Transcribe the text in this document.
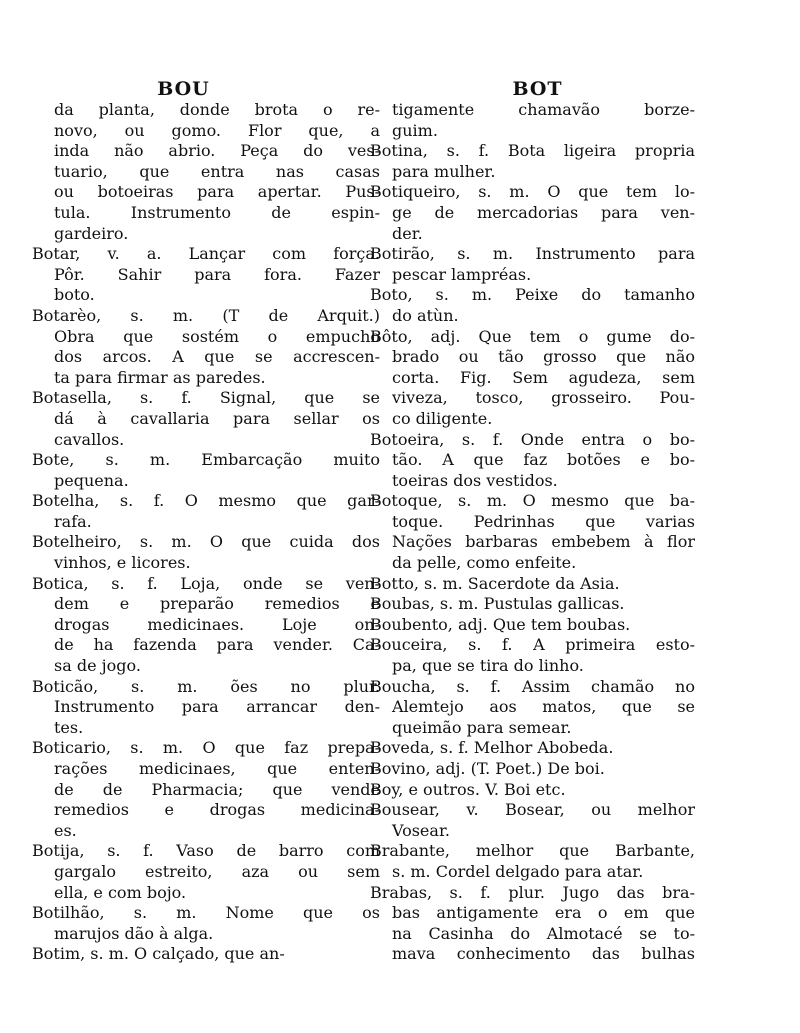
BOU
da planta, donde brota o re-
novo, ou gomo. Flor que, a
inda não abrio. Peça do ves-
tuario, que entra nas casas
ou botoeiras para apertar. Pus-
tula. Instrumento de espin-
gardeiro.
Botar, v. a. Lançar com força.
Pôr. Sahir para fora. Fazer
boto.
Botarèo, s. m. (T de Arquit.)
Obra que sostém o empucho
dos arcos. A que se accrescen-
ta para firmar as paredes.
Botasella, s. f. Signal, que se
dá à cavallaria para sellar os
cavallos.
Bote, s. m. Embarcação muito
pequena.
Botelha, s. f. O mesmo que gar-
rafa.
Botelheiro, s. m. O que cuida dos
vinhos, e licores.
Botica, s. f. Loja, onde se ven-
dem e preparão remedios e
drogas medicinaes. Loje on-
de ha fazenda para vender. Ca-
sa de jogo.
Boticão, s. m. ões no plur.
Instrumento para arrancar den-
tes.
Boticario, s. m. O que faz prepa-
rações medicinaes, que enten-
de de Pharmacia; que vende
remedios e drogas medicina-
es.
Botija, s. f. Vaso de barro com
gargalo estreito, aza ou sem
ella, e com bojo.
Botilhão, s. m. Nome que os
marujos dão à alga.
Botim, s. m. O calçado, que an-
BOT
tigamente chamavão borze-
guim.
Botina, s. f. Bota ligeira propria
para mulher.
Botiqueiro, s. m. O que tem lo-
ge de mercadorias para ven-
der.
Botirão, s. m. Instrumento para
pescar lampréas.
Boto, s. m. Peixe do tamanho
do atùn.
Bôto, adj. Que tem o gume do-
brado ou tão grosso que não
corta. Fig. Sem agudeza, sem
viveza, tosco, grosseiro. Pou-
co diligente.
Botoeira, s. f. Onde entra o bo-
tão. A que faz botões e bo-
toeiras dos vestidos.
Botoque, s. m. O mesmo que ba-
toque. Pedrinhas que varias
Nações barbaras embebem à flor
da pelle, como enfeite.
Botto, s. m. Sacerdote da Asia.
Boubas, s. m. Pustulas gallicas.
Boubento, adj. Que tem boubas.
Bouceira, s. f. A primeira esto-
pa, que se tira do linho.
Boucha, s. f. Assim chamão no
Alemtejo aos matos, que se
queimão para semear.
Boveda, s. f. Melhor Abobeda.
Bovino, adj. (T. Poet.) De boi.
Boy, e outros. V. Boi etc.
Bousear, v. Bosear, ou melhor
Vosear.
Brabante, melhor que Barbante,
s. m. Cordel delgado para atar.
Brabas, s. f. plur. Jugo das bra-
bas antigamente era o em que
na Casinha do Almotacé se to-
mava conhecimento das bulhas
